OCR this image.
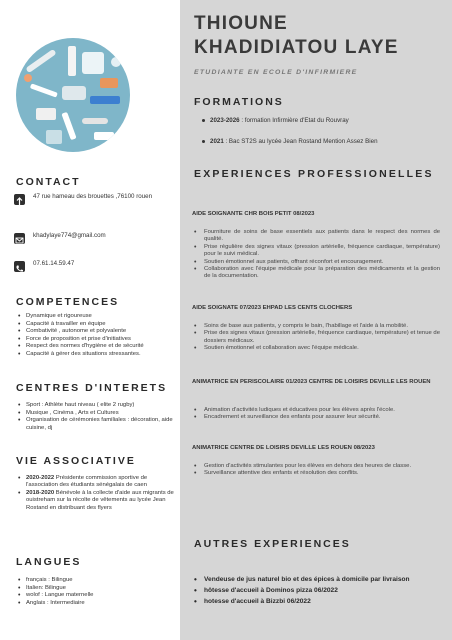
CONTACT
47 rue hameau des brouettes ,76100 rouen
khadylaye774@gmail.com
07.61.14.59.47
COMPETENCES
• Dynamique et rigoureuse
• Capacité à travailler en équipe
• Combativité , autonome et polyvalente
• Force de proposition et prise d'initiatives
• Respect des normes d'hygiène et de sécurité
• Capacité à gérer des situations stressantes.
CENTRES D'INTERETS
• Sport : Athlète haut niveau ( elite 2 rugby)
• Musique , Cinéma , Arts et Cultures
• Organisation de cérémonies familiales : décoration, aide cuisine, dj
VIE ASSOCIATIVE
• 2020-2022 Présidente commission sportive de l'association des étudiants sénégalais de caen
• 2018-2020 Bénévole à la collecte d'aide aux migrants de ouistreham sur la récolte de vêtements au lycée Jean Rostand en distribuant des flyers
LANGUES
• français : Bilingue
• Italien: Bilingue
• wolof : Langue maternelle
• Anglais : Intermediaire
THIOUNE
KHADIDIATOU LAYE
ETUDIANTE EN ECOLE D'INFIRMIERE
FORMATIONS
2023-2026 : formation Infirmière d'Etat du Rouvray
2021 : Bac ST2S au lycée Jean Rostand Mention Assez Bien
EXPERIENCES PROFESSIONELLES
AIDE SOIGNANTE CHR BOIS PETIT 08/2023
• Fourniture de soins de base essentiels aux patients dans le respect des normes de qualité.
• Prise régulière des signes vitaux (pression artérielle, fréquence cardiaque, température) pour le suivi médical.
• Soutien émotionnel aux patients, offrant réconfort et encouragement.
• Collaboration avec l'équipe médicale pour la préparation des médicaments et la gestion de la documentation.
AIDE SOIGNATE 07/2023 EHPAD LES CENTS CLOCHERS
• Soins de base aux patients, y compris le bain, l'habillage et l'aide à la mobilité.
• Prise des signes vitaux (pression artérielle, fréquence cardiaque, température) et tenue de dossiers médicaux.
• Soutien émotionnel et collaboration avec l'équipe médicale.
ANIMATRICE EN PERISCOLAIRE 01/2023 CENTRE DE LOISIRS DEVILLE LES ROUEN
• Animation d'activités ludiques et éducatives pour les élèves après l'école.
• Encadrement et surveillance des enfants pour assurer leur sécurité.
ANIMATRICE CENTRE DE LOISIRS DEVILLE LES ROUEN 08/2023
• Gestion d'activités stimulantes pour les élèves en dehors des heures de classe.
• Surveillance attentive des enfants et résolution des conflits.
AUTRES EXPERIENCES
• Vendeuse de jus naturel bio et des épices à domicile par livraison
• hôtesse d'accueil à Dominos pizza 06/2022
• hotesse d'accueil à Bizzbi 06/2022
